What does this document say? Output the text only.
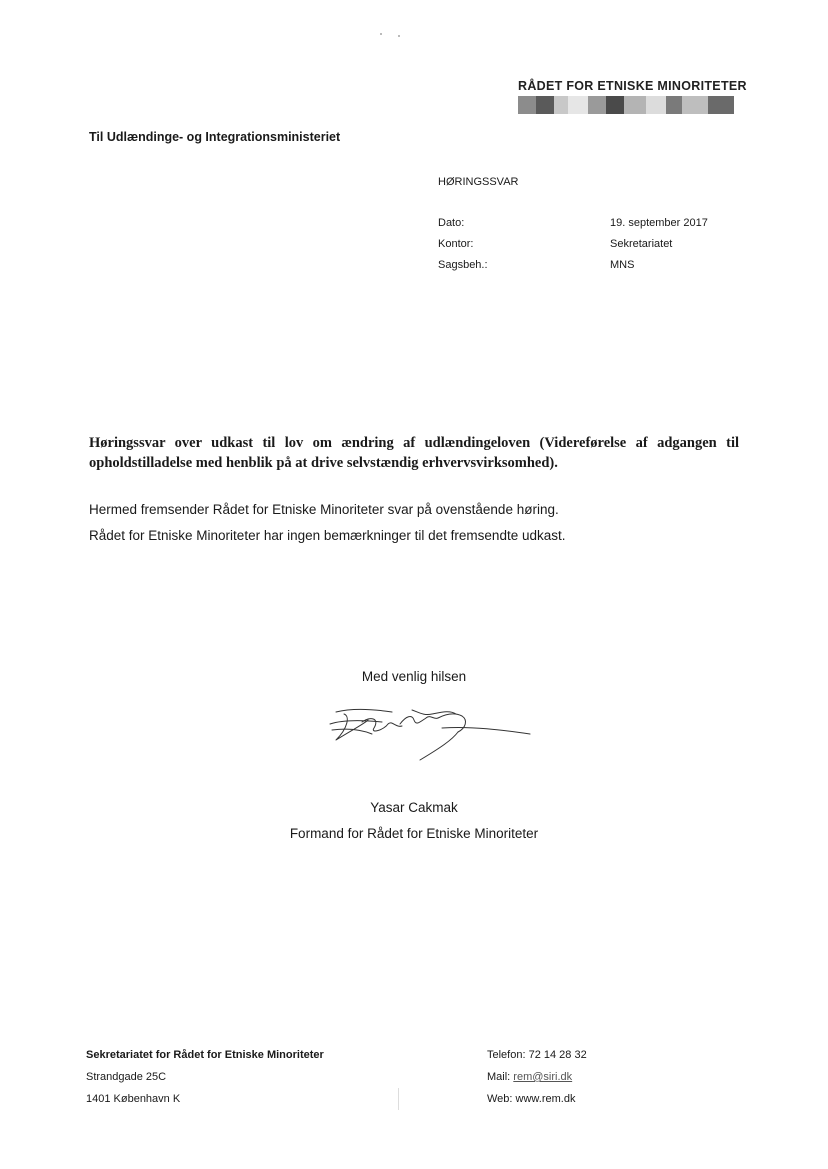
RÅDET FOR ETNISKE MINORITETER
Til Udlændinge- og Integrationsministeriet
HØRINGSSVAR
Dato:	19. september 2017
Kontor:	Sekretariatet
Sagsbeh.:	MNS
Høringssvar over udkast til lov om ændring af udlændingeloven (Videreførelse af adgangen til opholdstilladelse med henblik på at drive selvstændig erhvervsvirksomhed).
Hermed fremsender Rådet for Etniske Minoriteter svar på ovenstående høring.
Rådet for Etniske Minoriteter har ingen bemærkninger til det fremsendte udkast.
Med venlig hilsen
Yasar Cakmak
Formand for Rådet for Etniske Minoriteter
Sekretariatet for Rådet for Etniske Minoriteter
Strandgade 25C
1401 København K
Telefon: 72 14 28 32
Mail: rem@siri.dk
Web: www.rem.dk
